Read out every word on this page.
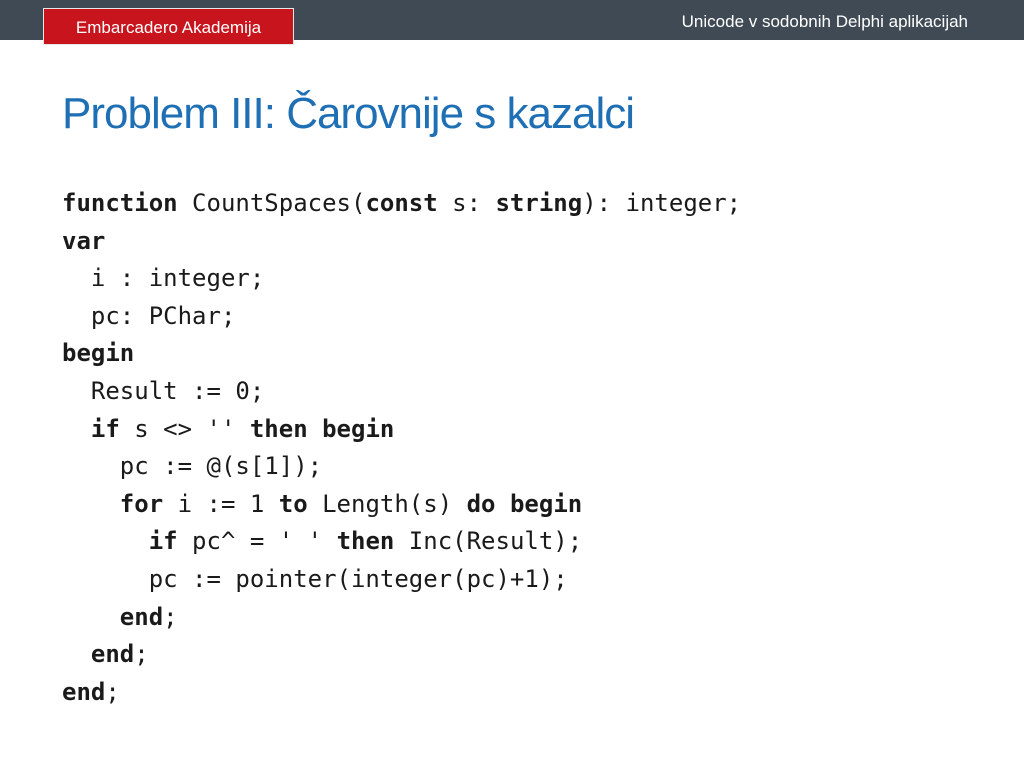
Embarcadero Akademija	Unicode v sodobnih Delphi aplikacijah
Problem III: Čarovnije s kazalci
function CountSpaces(const s: string): integer;
var
i : integer;
pc: PChar;
begin
Result := 0;
if s <> '' then begin
pc := @(s[1]);
for i := 1 to Length(s) do begin
if pc^ = ' ' then Inc(Result);
pc := pointer(integer(pc)+1);
end;
end;
end;
